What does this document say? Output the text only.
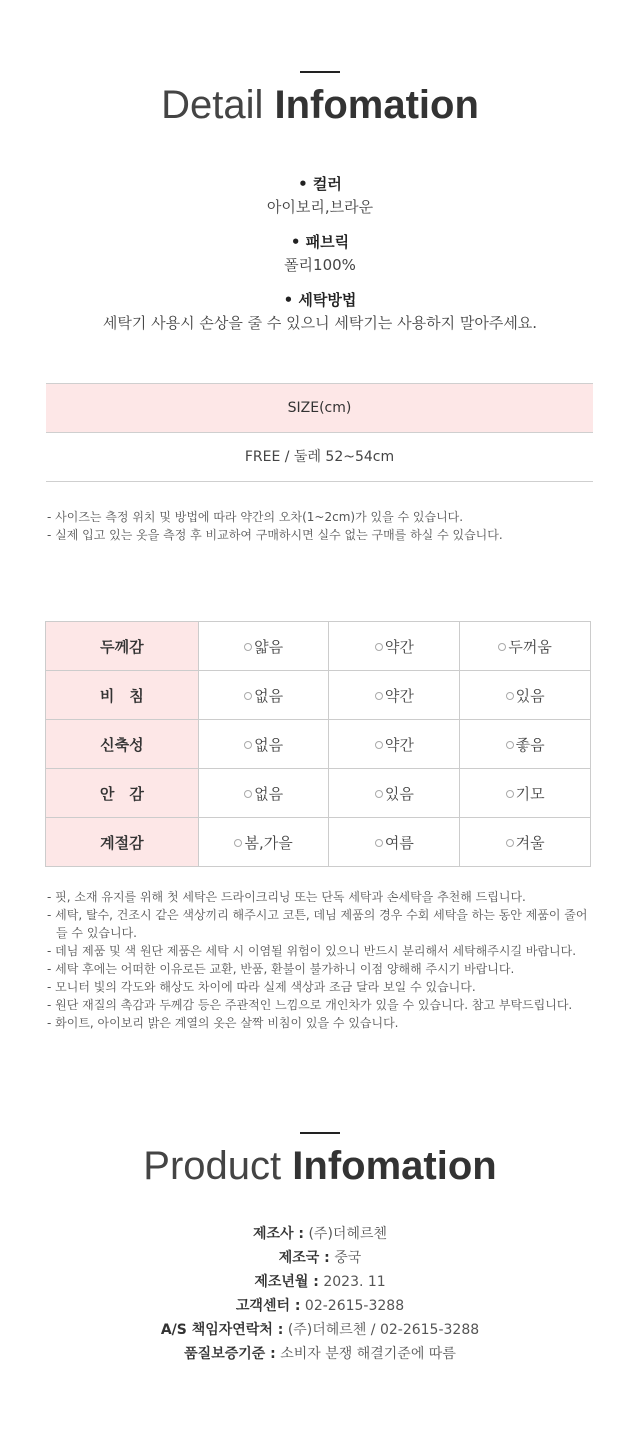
Detail Infomation
• 컬러
아이보리,브라운
• 패브릭
폴리100%
• 세탁방법
세탁기 사용시 손상을 줄 수 있으니 세탁기는 사용하지 말아주세요.
SIZE(cm)
FREE / 둘레 52~54cm
- 사이즈는 측정 위치 및 방법에 따라 약간의 오차(1~2cm)가 있을 수 있습니다.
- 실제 입고 있는 옷을 측정 후 비교하여 구매하시면 실수 없는 구매를 하실 수 있습니다.
두께감	얇음	약간	두꺼움
비　침	없음	약간	있음
신축성	없음	약간	좋음
안　감	없음	있음	기모
계절감	봄,가을	여름	겨울
- 핏, 소재 유지를 위해 첫 세탁은 드라이크리닝 또는 단독 세탁과 손세탁을 추천해 드립니다.
- 세탁, 탈수, 건조시 같은 색상끼리 해주시고 코튼, 데님 제품의 경우 수회 세탁을 하는 동안 제품이 줄어들 수 있습니다.
- 데님 제품 및 색 원단 제품은 세탁 시 이염될 위험이 있으니 반드시 분리해서 세탁해주시길 바랍니다.
- 세탁 후에는 어떠한 이유로든 교환, 반품, 환불이 불가하니 이점 양해해 주시기 바랍니다.
- 모니터 빛의 각도와 해상도 차이에 따라 실제 색상과 조금 달라 보일 수 있습니다.
- 원단 재질의 촉감과 두께감 등은 주관적인 느낌으로 개인차가 있을 수 있습니다. 참고 부탁드립니다.
- 화이트, 아이보리 밝은 계열의 옷은 살짝 비침이 있을 수 있습니다.
Product Infomation
제조사 : (주)더헤르첸
제조국 : 중국
제조년월 : 2023. 11
고객센터 : 02-2615-3288
A/S 책임자연락처 : (주)더헤르첸 / 02-2615-3288
품질보증기준 : 소비자 분쟁 해결기준에 따름
